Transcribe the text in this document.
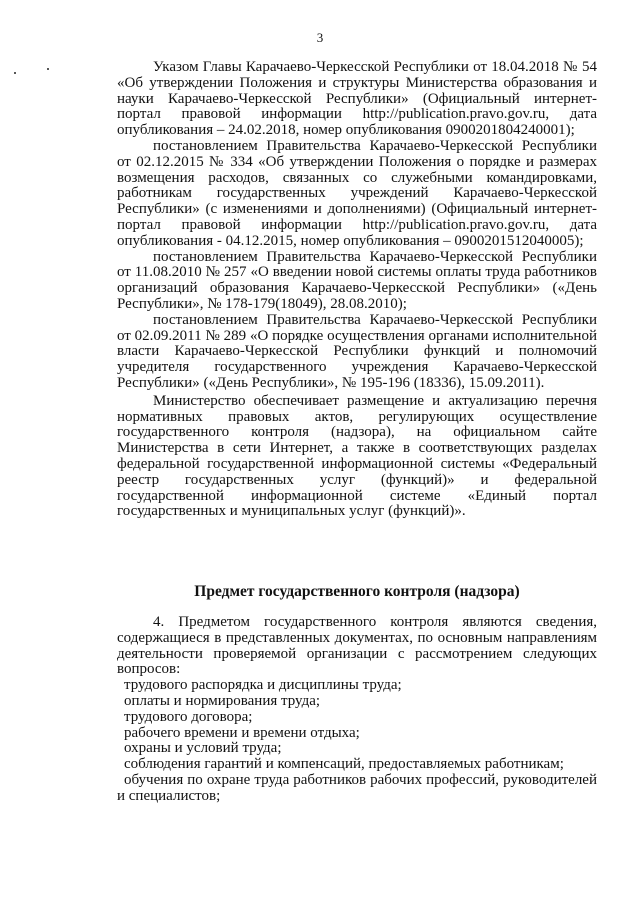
3

Указом Главы Карачаево-Черкесской Республики от 18.04.2018 № 54 «Об утверждении Положения и структуры Министерства образования и науки Карачаево-Черкесской Республики» (Официальный интернет-портал правовой информации http://publication.pravo.gov.ru, дата опубликования – 24.02.2018, номер опубликования 0900201804240001);

постановлением Правительства Карачаево-Черкесской Республики от 02.12.2015 № 334 «Об утверждении Положения о порядке и размерах возмещения расходов, связанных со служебными командировками, работникам государственных учреждений Карачаево-Черкесской Республики» (с изменениями и дополнениями) (Официальный интернет-портал правовой информации http://publication.pravo.gov.ru, дата опубликования - 04.12.2015, номер опубликования – 0900201512040005);

постановлением Правительства Карачаево-Черкесской Республики от 11.08.2010 № 257 «О введении новой системы оплаты труда работников организаций образования Карачаево-Черкесской Республики» («День Республики», № 178-179(18049), 28.08.2010);

постановлением Правительства Карачаево-Черкесской Республики от 02.09.2011 № 289 «О порядке осуществления органами исполнительной власти Карачаево-Черкесской Республики функций и полномочий учредителя государственного учреждения Карачаево-Черкесской Республики» («День Республики», № 195-196 (18336), 15.09.2011).

Министерство обеспечивает размещение и актуализацию перечня нормативных правовых актов, регулирующих осуществление государственного контроля (надзора), на официальном сайте Министерства в сети Интернет, а также в соответствующих разделах федеральной государственной информационной системы «Федеральный реестр государственных услуг (функций)» и федеральной государственной информационной системе «Единый портал государственных и муниципальных услуг (функций)».

Предмет государственного контроля (надзора)

4. Предметом государственного контроля являются сведения, содержащиеся в представленных документах, по основным направлениям деятельности проверяемой организации с рассмотрением следующих вопросов:

трудового распорядка и дисциплины труда;
оплаты и нормирования труда;
трудового договора;
рабочего времени и времени отдыха;
охраны и условий труда;
соблюдения гарантий и компенсаций, предоставляемых работникам;
обучения по охране труда работников рабочих профессий, руководителей и специалистов;
